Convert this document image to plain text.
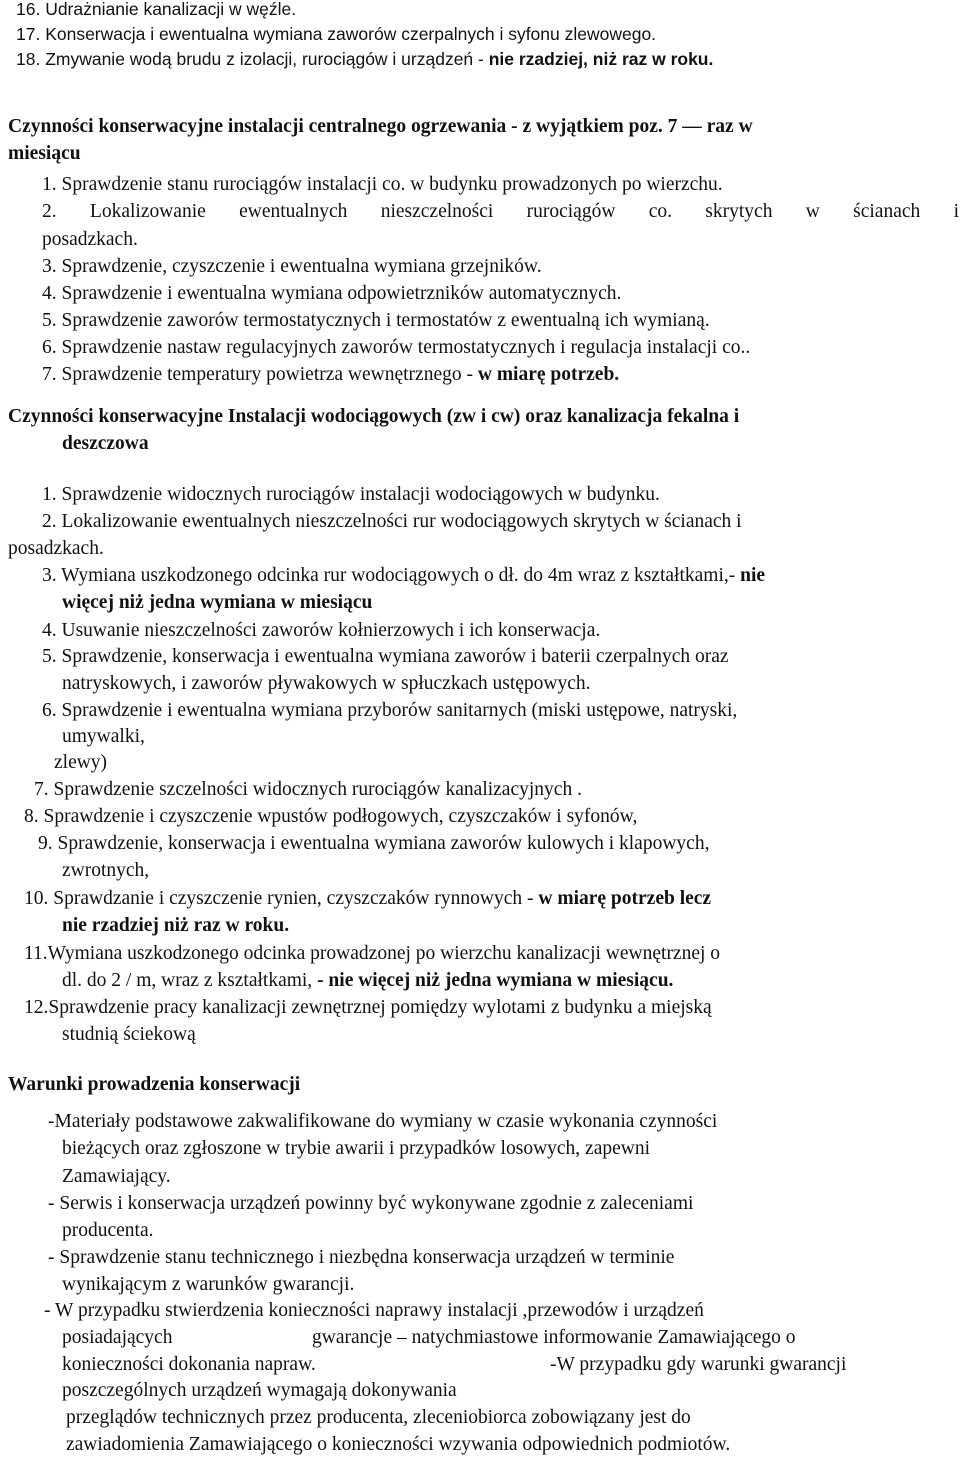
16. Udrażnianie kanalizacji w węźle.
17. Konserwacja i ewentualna wymiana zaworów czerpalnych i syfonu zlewowego.
18. Zmywanie wodą brudu z izolacji, rurociągów i urządzeń - nie rzadziej, niż raz w roku.
Czynności konserwacyjne instalacji centralnego ogrzewania - z wyjątkiem poz. 7 — raz w
miesiącu
1. Sprawdzenie stanu rurociągów instalacji co. w budynku prowadzonych po wierzchu.
2. Lokalizowanie ewentualnych nieszczelności rurociągów co. skrytych w ścianach i
posadzkach.
3. Sprawdzenie, czyszczenie i ewentualna wymiana grzejników.
4. Sprawdzenie i ewentualna wymiana odpowietrzników automatycznych.
5. Sprawdzenie zaworów termostatycznych i termostatów z ewentualną ich wymianą.
6. Sprawdzenie nastaw regulacyjnych zaworów termostatycznych i regulacja instalacji co..
7. Sprawdzenie temperatury powietrza wewnętrznego - w miarę potrzeb.
Czynności konserwacyjne Instalacji wodociągowych (zw i cw) oraz kanalizacja fekalna i
deszczowa
1. Sprawdzenie widocznych rurociągów instalacji wodociągowych w budynku.
2. Lokalizowanie ewentualnych nieszczelności rur wodociągowych skrytych w ścianach i
posadzkach.
3. Wymiana uszkodzonego odcinka rur wodociągowych o dł. do 4m wraz z kształtkami,- nie
więcej niż jedna wymiana w miesiącu
4. Usuwanie nieszczelności zaworów kołnierzowych i ich konserwacja.
5. Sprawdzenie, konserwacja i ewentualna wymiana zaworów i baterii czerpalnych oraz
natryskowych, i zaworów pływakowych w spłuczkach ustępowych.
6. Sprawdzenie i ewentualna wymiana przyborów sanitarnych (miski ustępowe, natryski,
umywalki,
zlewy)
7. Sprawdzenie szczelności widocznych rurociągów kanalizacyjnych .
8. Sprawdzenie i czyszczenie wpustów podłogowych, czyszczaków i syfonów,
9. Sprawdzenie, konserwacja i ewentualna wymiana zaworów kulowych i klapowych,
zwrotnych,
10. Sprawdzanie i czyszczenie rynien, czyszczaków rynnowych - w miarę potrzeb lecz
nie rzadziej niż raz w roku.
11.Wymiana uszkodzonego odcinka prowadzonej po wierzchu kanalizacji wewnętrznej o
dl. do 2 / m, wraz z kształtkami, - nie więcej niż jedna wymiana w miesiącu.
12.Sprawdzenie pracy kanalizacji zewnętrznej pomiędzy wylotami z budynku a miejską
studnią ściekową
Warunki prowadzenia konserwacji
-Materiały podstawowe zakwalifikowane do wymiany w czasie wykonania czynności
bieżących oraz zgłoszone w trybie awarii i przypadków losowych, zapewni
Zamawiający.
- Serwis i konserwacja urządzeń powinny być wykonywane zgodnie z zaleceniami
producenta.
- Sprawdzenie stanu technicznego i niezbędna konserwacja urządzeń w terminie
wynikającym z warunków gwarancji.
- W przypadku stwierdzenia konieczności naprawy instalacji ,przewodów i urządzeń
posiadających	gwarancje – natychmiastowe informowanie Zamawiającego o
konieczności dokonania napraw.	-W przypadku gdy warunki gwarancji
poszczególnych urządzeń wymagają dokonywania
przeglądów technicznych przez producenta, zleceniobiorca zobowiązany jest do
zawiadomienia Zamawiającego o konieczności wzywania odpowiednich podmiotów.
